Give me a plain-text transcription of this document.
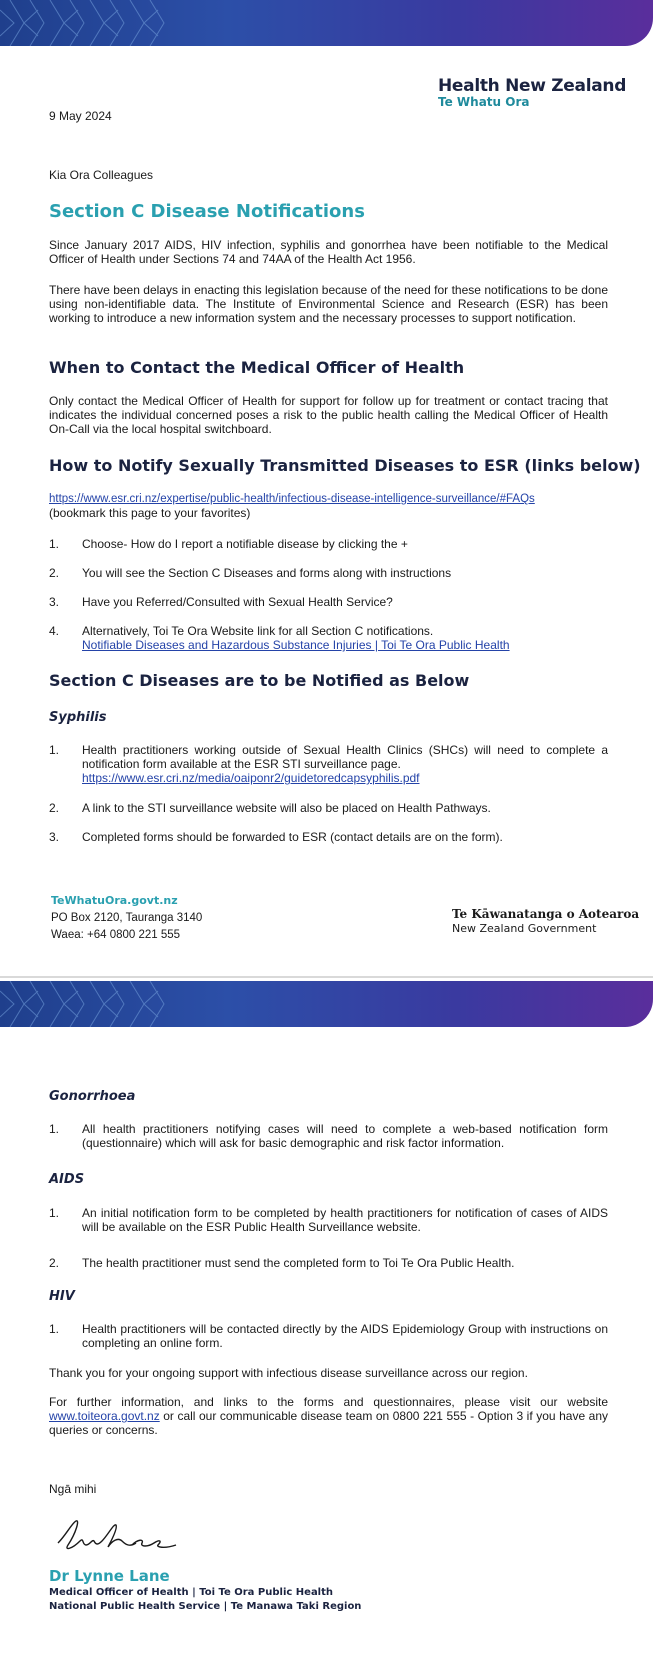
Health New Zealand
Te Whatu Ora
9 May 2024
Kia Ora Colleagues
Section C Disease Notifications
Since January 2017 AIDS, HIV infection, syphilis and gonorrhea have been notifiable to the Medical Officer of Health under Sections 74 and 74AA of the Health Act 1956.
There have been delays in enacting this legislation because of the need for these notifications to be done using non-identifiable data. The Institute of Environmental Science and Research (ESR) has been working to introduce a new information system and the necessary processes to support notification.
When to Contact the Medical Officer of Health
Only contact the Medical Officer of Health for support for follow up for treatment or contact tracing that indicates the individual concerned poses a risk to the public health calling the Medical Officer of Health On-Call via the local hospital switchboard.
How to Notify Sexually Transmitted Diseases to ESR (links below)
https://www.esr.cri.nz/expertise/public-health/infectious-disease-intelligence-surveillance/#FAQs
(bookmark this page to your favorites)
1. Choose- How do I report a notifiable disease by clicking the +
2. You will see the Section C Diseases and forms along with instructions
3. Have you Referred/Consulted with Sexual Health Service?
4. Alternatively, Toi Te Ora Website link for all Section C notifications.
Notifiable Diseases and Hazardous Substance Injuries | Toi Te Ora Public Health
Section C Diseases are to be Notified as Below
Syphilis
1. Health practitioners working outside of Sexual Health Clinics (SHCs) will need to complete a notification form available at the ESR STI surveillance page.
https://www.esr.cri.nz/media/oaiponr2/guidetoredcapsyphilis.pdf
2. A link to the STI surveillance website will also be placed on Health Pathways.
3. Completed forms should be forwarded to ESR (contact details are on the form).
TeWhatuOra.govt.nz
PO Box 2120, Tauranga 3140
Waea: +64 0800 221 555
Te Kāwanatanga o Aotearoa
New Zealand Government
Gonorrhoea
1. All health practitioners notifying cases will need to complete a web-based notification form (questionnaire) which will ask for basic demographic and risk factor information.
AIDS
1. An initial notification form to be completed by health practitioners for notification of cases of AIDS will be available on the ESR Public Health Surveillance website.
2. The health practitioner must send the completed form to Toi Te Ora Public Health.
HIV
1. Health practitioners will be contacted directly by the AIDS Epidemiology Group with instructions on completing an online form.
Thank you for your ongoing support with infectious disease surveillance across our region.
For further information, and links to the forms and questionnaires, please visit our website www.toiteora.govt.nz or call our communicable disease team on 0800 221 555 - Option 3 if you have any queries or concerns.
Ngā mihi
Dr Lynne Lane
Medical Officer of Health | Toi Te Ora Public Health
National Public Health Service | Te Manawa Taki Region
